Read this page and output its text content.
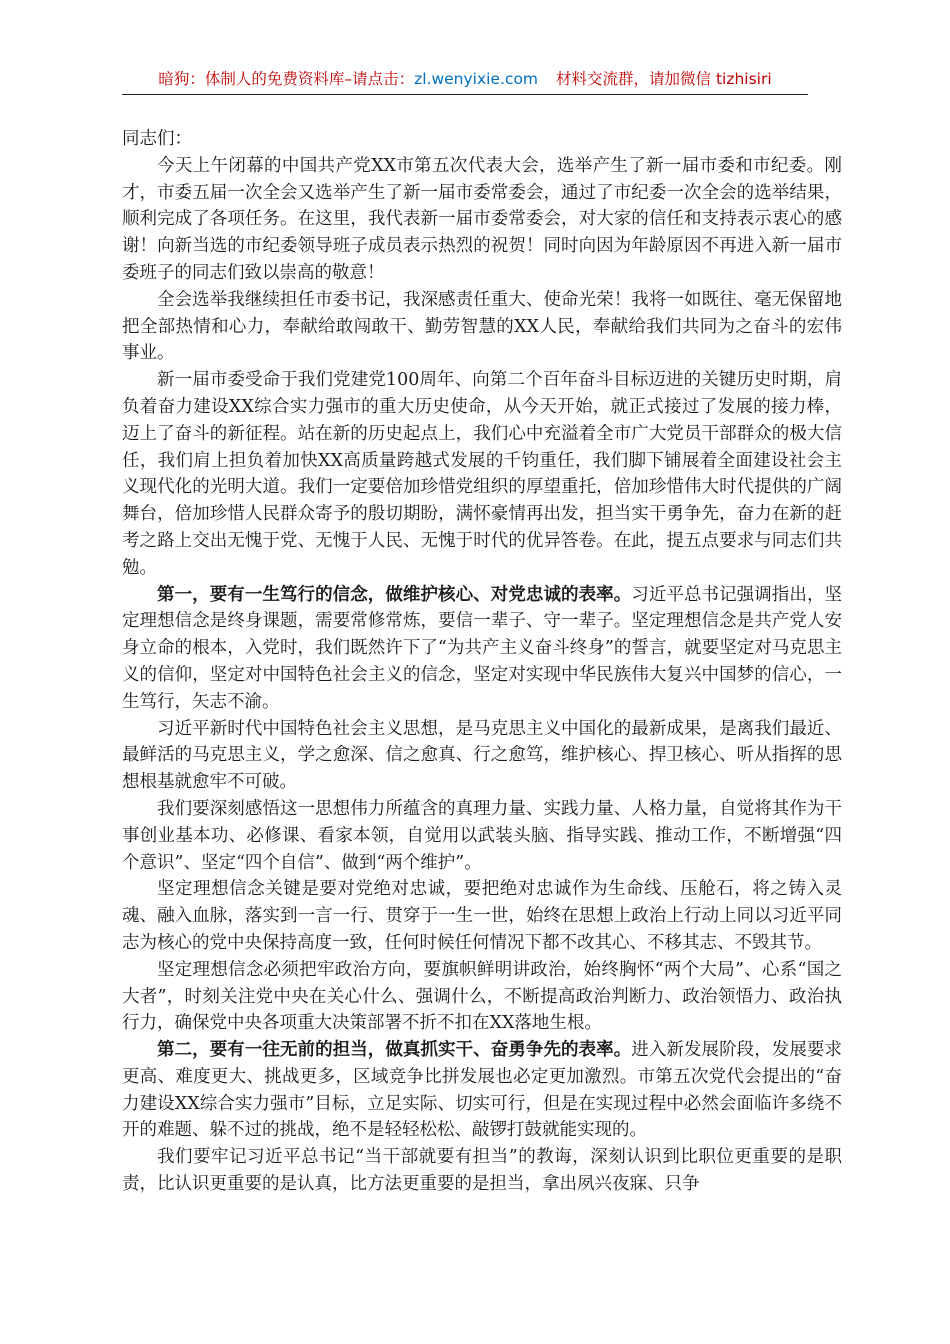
暗狗：体制人的免费资料库–请点击：zl.wenyixie.com 材料交流群，请加微信 tizhisiri

同志们：

今天上午闭幕的中国共产党XX市第五次代表大会，选举产生了新一届市委和市纪委。刚才，市委五届一次全会又选举产生了新一届市委常委会，通过了市纪委一次全会的选举结果，顺利完成了各项任务。在这里，我代表新一届市委常委会，对大家的信任和支持表示衷心的感谢！向新当选的市纪委领导班子成员表示热烈的祝贺！同时向因为年龄原因不再进入新一届市委班子的同志们致以崇高的敬意！

全会选举我继续担任市委书记，我深感责任重大、使命光荣！我将一如既往、毫无保留地把全部热情和心力，奉献给敢闯敢干、勤劳智慧的XX人民，奉献给我们共同为之奋斗的宏伟事业。

新一届市委受命于我们党建党100周年、向第二个百年奋斗目标迈进的关键历史时期，肩负着奋力建设XX综合实力强市的重大历史使命，从今天开始，就正式接过了发展的接力棒，迈上了奋斗的新征程。站在新的历史起点上，我们心中充溢着全市广大党员干部群众的极大信任，我们肩上担负着加快XX高质量跨越式发展的千钧重任，我们脚下铺展着全面建设社会主义现代化的光明大道。我们一定要倍加珍惜党组织的厚望重托，倍加珍惜伟大时代提供的广阔舞台，倍加珍惜人民群众寄予的殷切期盼，满怀豪情再出发，担当实干勇争先，奋力在新的赶考之路上交出无愧于党、无愧于人民、无愧于时代的优异答卷。在此，提五点要求与同志们共勉。

第一，要有一生笃行的信念，做维护核心、对党忠诚的表率。习近平总书记强调指出，坚定理想信念是终身课题，需要常修常炼，要信一辈子、守一辈子。坚定理想信念是共产党人安身立命的根本，入党时，我们既然许下了“为共产主义奋斗终身”的誓言，就要坚定对马克思主义的信仰，坚定对中国特色社会主义的信念，坚定对实现中华民族伟大复兴中国梦的信心，一生笃行，矢志不渝。

习近平新时代中国特色社会主义思想，是马克思主义中国化的最新成果，是离我们最近、最鲜活的马克思主义，学之愈深、信之愈真、行之愈笃，维护核心、捍卫核心、听从指挥的思想根基就愈牢不可破。

我们要深刻感悟这一思想伟力所蕴含的真理力量、实践力量、人格力量，自觉将其作为干事创业基本功、必修课、看家本领，自觉用以武装头脑、指导实践、推动工作，不断增强“四个意识”、坚定“四个自信”、做到“两个维护”。

坚定理想信念关键是要对党绝对忠诚，要把绝对忠诚作为生命线、压舱石，将之铸入灵魂、融入血脉，落实到一言一行、贯穿于一生一世，始终在思想上政治上行动上同以习近平同志为核心的党中央保持高度一致，任何时候任何情况下都不改其心、不移其志、不毁其节。

坚定理想信念必须把牢政治方向，要旗帜鲜明讲政治，始终胸怀“两个大局”、心系“国之大者”，时刻关注党中央在关心什么、强调什么，不断提高政治判断力、政治领悟力、政治执行力，确保党中央各项重大决策部署不折不扣在XX落地生根。

第二，要有一往无前的担当，做真抓实干、奋勇争先的表率。进入新发展阶段，发展要求更高、难度更大、挑战更多，区域竞争比拼发展也必定更加激烈。市第五次党代会提出的“奋力建设XX综合实力强市”目标，立足实际、切实可行，但是在实现过程中必然会面临许多绕不开的难题、躲不过的挑战，绝不是轻轻松松、敲锣打鼓就能实现的。

我们要牢记习近平总书记“当干部就要有担当”的教诲，深刻认识到比职位更重要的是职责，比认识更重要的是认真，比方法更重要的是担当，拿出夙兴夜寐、只争
